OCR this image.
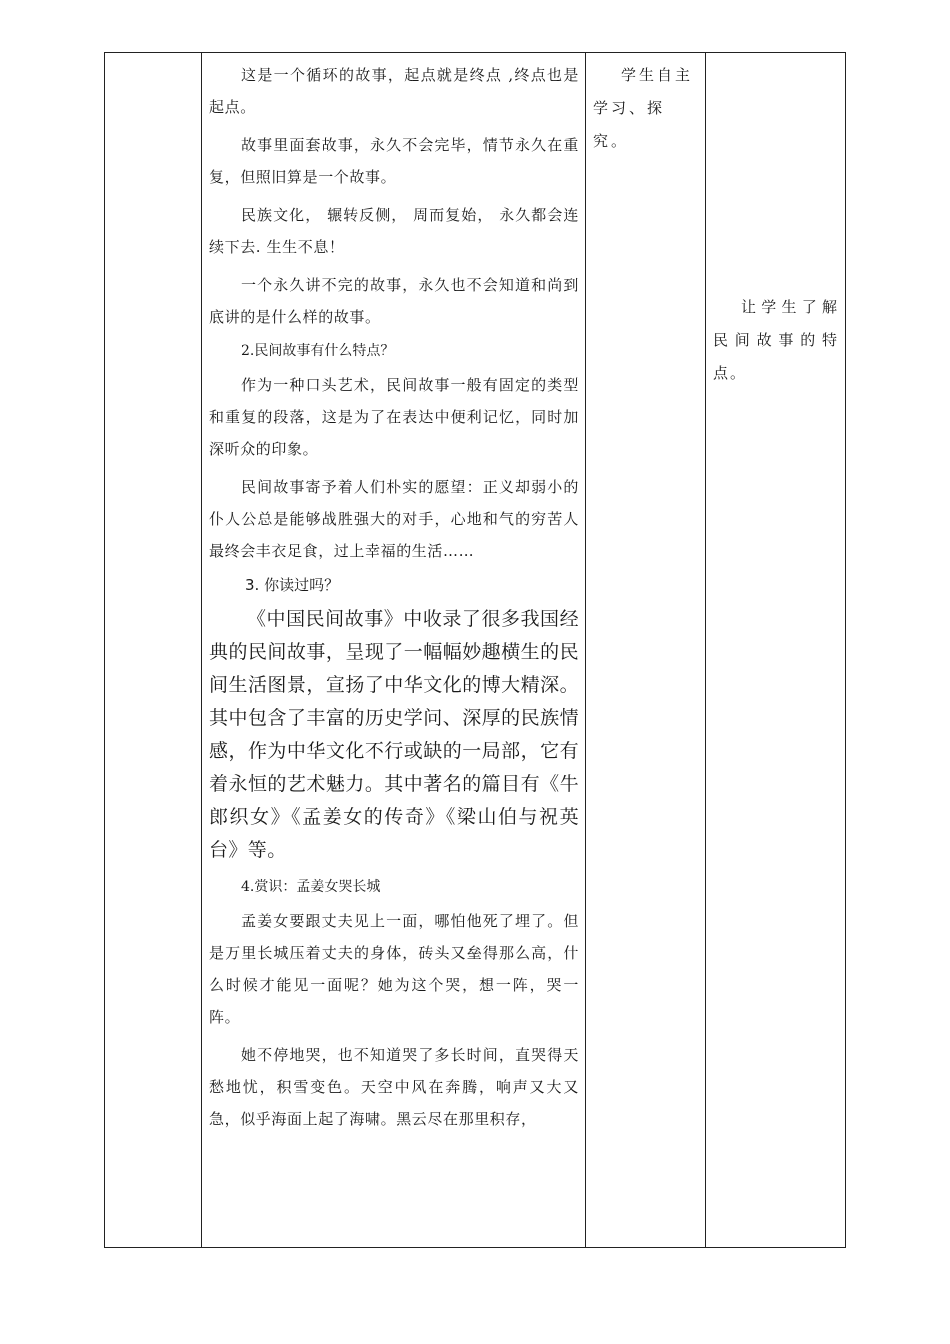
这是一个循环的故事，起点就是终点 ,终点也是起点。

故事里面套故事，永久不会完毕，情节永久在重复，但照旧算是一个故事。

民族文化， 辗转反侧， 周而复始， 永久都会连续下去. 生生不息！

一个永久讲不完的故事，永久也不会知道和尚到底讲的是什么样的故事。

2.民间故事有什么特点？

作为一种口头艺术，民间故事一般有固定的类型和重复的段落，这是为了在表达中便利记忆，同时加深听众的印象。

民间故事寄予着人们朴实的愿望：正义却弱小的仆人公总是能够战胜强大的对手，心地和气的穷苦人最终会丰衣足食，过上幸福的生活……

3. 你读过吗？

《中国民间故事》中收录了很多我国经典的民间故事，呈现了一幅幅妙趣横生的民间生活图景，宣扬了中华文化的博大精深。其中包含了丰富的历史学问、深厚的民族情感，作为中华文化不行或缺的一局部，它有着永恒的艺术魅力。其中著名的篇目有《牛郎织女》《孟姜女的传奇》《梁山伯与祝英台》等。

4.赏识：孟姜女哭长城

孟姜女要跟丈夫见上一面，哪怕他死了埋了。但是万里长城压着丈夫的身体，砖头又垒得那么高，什么时候才能见一面呢？她为这个哭，想一阵，哭一阵。

她不停地哭，也不知道哭了多长时间，直哭得天愁地忧，积雪变色。天空中风在奔腾，响声又大又急，似乎海面上起了海啸。黑云尽在那里积存，

学生自主学习、探究。

让学生了解民间故事的特点。
